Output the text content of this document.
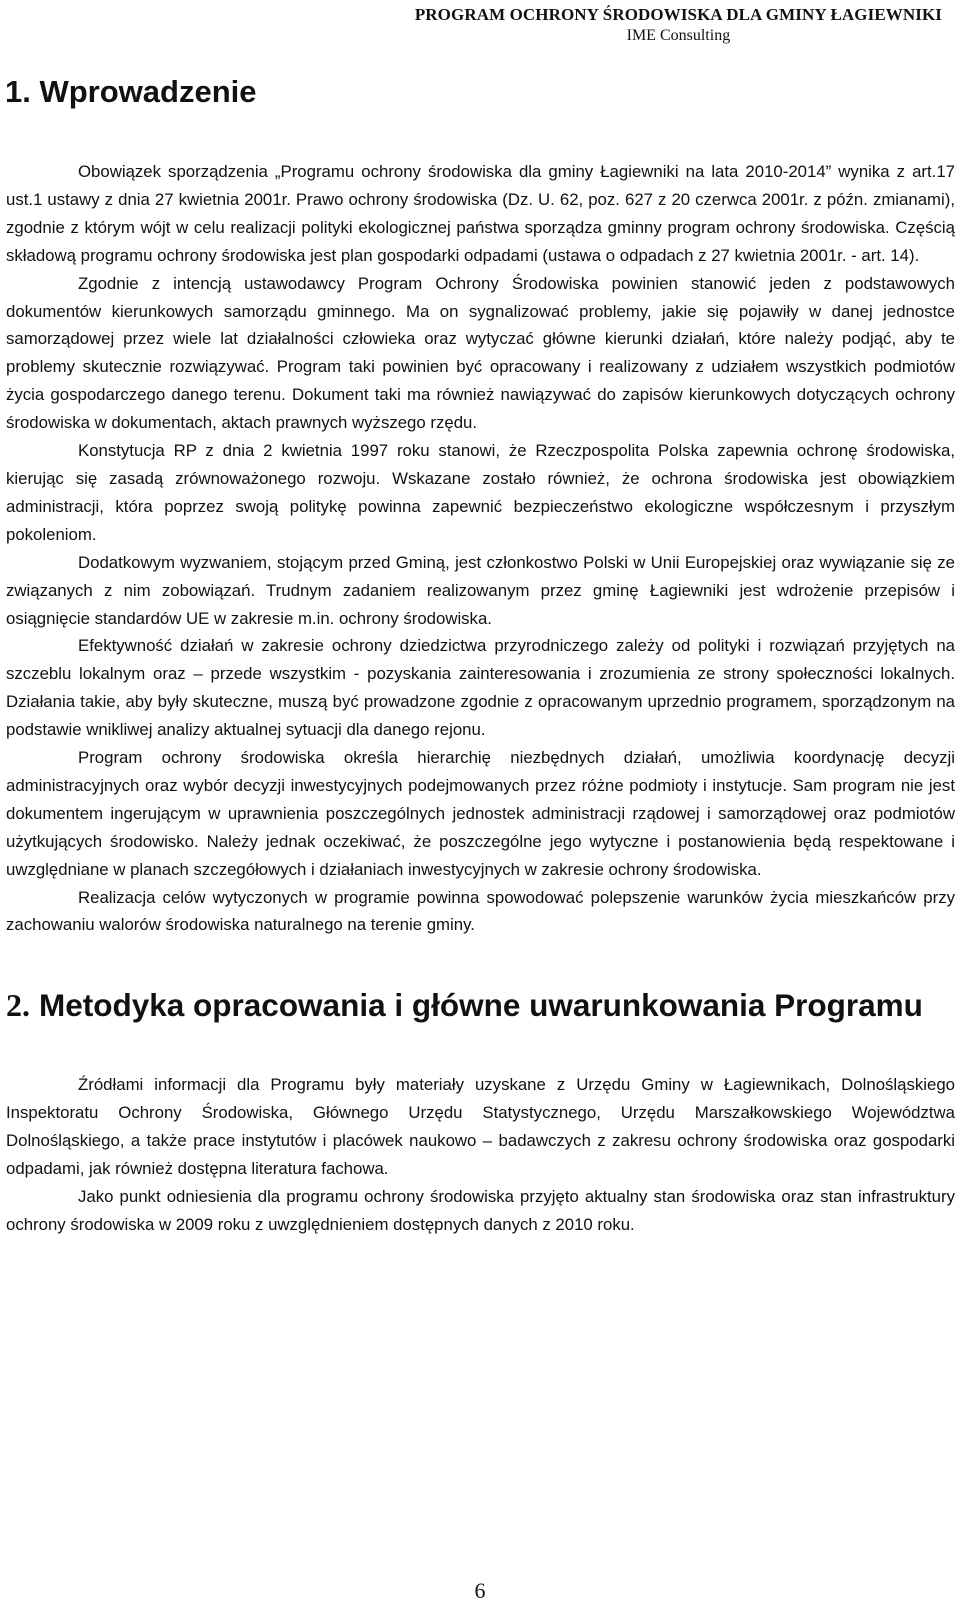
PROGRAM OCHRONY ŚRODOWISKA DLA GMINY ŁAGIEWNIKI
IME Consulting
1. Wprowadzenie

Obowiązek sporządzenia „Programu ochrony środowiska dla gminy Łagiewniki na lata 2010-2014” wynika z art.17 ust.1 ustawy z dnia 27 kwietnia 2001r. Prawo ochrony środowiska (Dz. U. 62, poz. 627 z 20 czerwca 2001r. z późn. zmianami), zgodnie z którym wójt w celu realizacji polityki ekologicznej państwa sporządza gminny program ochrony środowiska. Częścią składową programu ochrony środowiska jest plan gospodarki odpadami (ustawa o odpadach z 27 kwietnia 2001r. - art. 14).

Zgodnie z intencją ustawodawcy Program Ochrony Środowiska powinien stanowić jeden z podstawowych dokumentów kierunkowych samorządu gminnego. Ma on sygnalizować problemy, jakie się pojawiły w danej jednostce samorządowej przez wiele lat działalności człowieka oraz wytyczać główne kierunki działań, które należy podjąć, aby te problemy skutecznie rozwiązywać. Program taki powinien być opracowany i realizowany z udziałem wszystkich podmiotów życia gospodarczego danego terenu. Dokument taki ma również nawiązywać do zapisów kierunkowych dotyczących ochrony środowiska w dokumentach, aktach prawnych wyższego rzędu.

Konstytucja RP z dnia 2 kwietnia 1997 roku stanowi, że Rzeczpospolita Polska zapewnia ochronę środowiska, kierując się zasadą zrównoważonego rozwoju. Wskazane zostało również, że ochrona środowiska jest obowiązkiem administracji, która poprzez swoją politykę powinna zapewnić bezpieczeństwo ekologiczne współczesnym i przyszłym pokoleniom.

Dodatkowym wyzwaniem, stojącym przed Gminą, jest członkostwo Polski w Unii Europejskiej oraz wywiązanie się ze związanych z nim zobowiązań. Trudnym zadaniem realizowanym przez gminę Łagiewniki jest wdrożenie przepisów i osiągnięcie standardów UE w zakresie m.in. ochrony środowiska.

Efektywność działań w zakresie ochrony dziedzictwa przyrodniczego zależy od polityki i rozwiązań przyjętych na szczeblu lokalnym oraz – przede wszystkim - pozyskania zainteresowania i zrozumienia ze strony społeczności lokalnych. Działania takie, aby były skuteczne, muszą być prowadzone zgodnie z opracowanym uprzednio programem, sporządzonym na podstawie wnikliwej analizy aktualnej sytuacji dla danego rejonu.

Program ochrony środowiska określa hierarchię niezbędnych działań, umożliwia koordynację decyzji administracyjnych oraz wybór decyzji inwestycyjnych podejmowanych przez różne podmioty i instytucje. Sam program nie jest dokumentem ingerującym w uprawnienia poszczególnych jednostek administracji rządowej i samorządowej oraz podmiotów użytkujących środowisko. Należy jednak oczekiwać, że poszczególne jego wytyczne i postanowienia będą respektowane i uwzględniane w planach szczegółowych i działaniach inwestycyjnych w zakresie ochrony środowiska.

Realizacja celów wytyczonych w programie powinna spowodować polepszenie warunków życia mieszkańców przy zachowaniu walorów środowiska naturalnego na terenie gminy.

2. Metodyka opracowania i główne uwarunkowania Programu

Źródłami informacji dla Programu były materiały uzyskane z Urzędu Gminy w Łagiewnikach, Dolnośląskiego Inspektoratu Ochrony Środowiska, Głównego Urzędu Statystycznego, Urzędu Marszałkowskiego Województwa Dolnośląskiego, a także prace instytutów i placówek naukowo – badawczych z zakresu ochrony środowiska oraz gospodarki odpadami, jak również dostępna literatura fachowa.

Jako punkt odniesienia dla programu ochrony środowiska przyjęto aktualny stan środowiska oraz stan infrastruktury ochrony środowiska w 2009 roku z uwzględnieniem dostępnych danych z 2010 roku.

6
